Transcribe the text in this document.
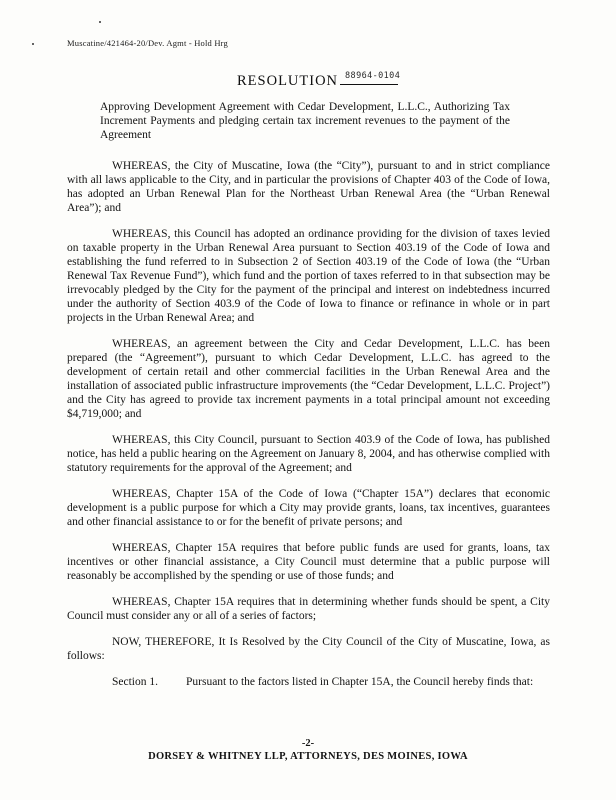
Muscatine/421464-20/Dev. Agmt - Hold Hrg
RESOLUTION 88964-0104

Approving Development Agreement with Cedar Development, L.L.C., Authorizing Tax Increment Payments and pledging certain tax increment revenues to the payment of the Agreement

WHEREAS, the City of Muscatine, Iowa (the “City”), pursuant to and in strict compliance with all laws applicable to the City, and in particular the provisions of Chapter 403 of the Code of Iowa, has adopted an Urban Renewal Plan for the Northeast Urban Renewal Area (the “Urban Renewal Area”); and

WHEREAS, this Council has adopted an ordinance providing for the division of taxes levied on taxable property in the Urban Renewal Area pursuant to Section 403.19 of the Code of Iowa and establishing the fund referred to in Subsection 2 of Section 403.19 of the Code of Iowa (the “Urban Renewal Tax Revenue Fund”), which fund and the portion of taxes referred to in that subsection may be irrevocably pledged by the City for the payment of the principal and interest on indebtedness incurred under the authority of Section 403.9 of the Code of Iowa to finance or refinance in whole or in part projects in the Urban Renewal Area; and

WHEREAS, an agreement between the City and Cedar Development, L.L.C. has been prepared (the “Agreement”), pursuant to which Cedar Development, L.L.C. has agreed to the development of certain retail and other commercial facilities in the Urban Renewal Area and the installation of associated public infrastructure improvements (the “Cedar Development, L.L.C. Project”) and the City has agreed to provide tax increment payments in a total principal amount not exceeding $4,719,000; and

WHEREAS, this City Council, pursuant to Section 403.9 of the Code of Iowa, has published notice, has held a public hearing on the Agreement on January 8, 2004, and has otherwise complied with statutory requirements for the approval of the Agreement; and

WHEREAS, Chapter 15A of the Code of Iowa (“Chapter 15A”) declares that economic development is a public purpose for which a City may provide grants, loans, tax incentives, guarantees and other financial assistance to or for the benefit of private persons; and

WHEREAS, Chapter 15A requires that before public funds are used for grants, loans, tax incentives or other financial assistance, a City Council must determine that a public purpose will reasonably be accomplished by the spending or use of those funds; and

WHEREAS, Chapter 15A requires that in determining whether funds should be spent, a City Council must consider any or all of a series of factors;

NOW, THEREFORE, It Is Resolved by the City Council of the City of Muscatine, Iowa, as follows:

Section 1. Pursuant to the factors listed in Chapter 15A, the Council hereby finds that:

-2-
DORSEY & WHITNEY LLP, ATTORNEYS, DES MOINES, IOWA
